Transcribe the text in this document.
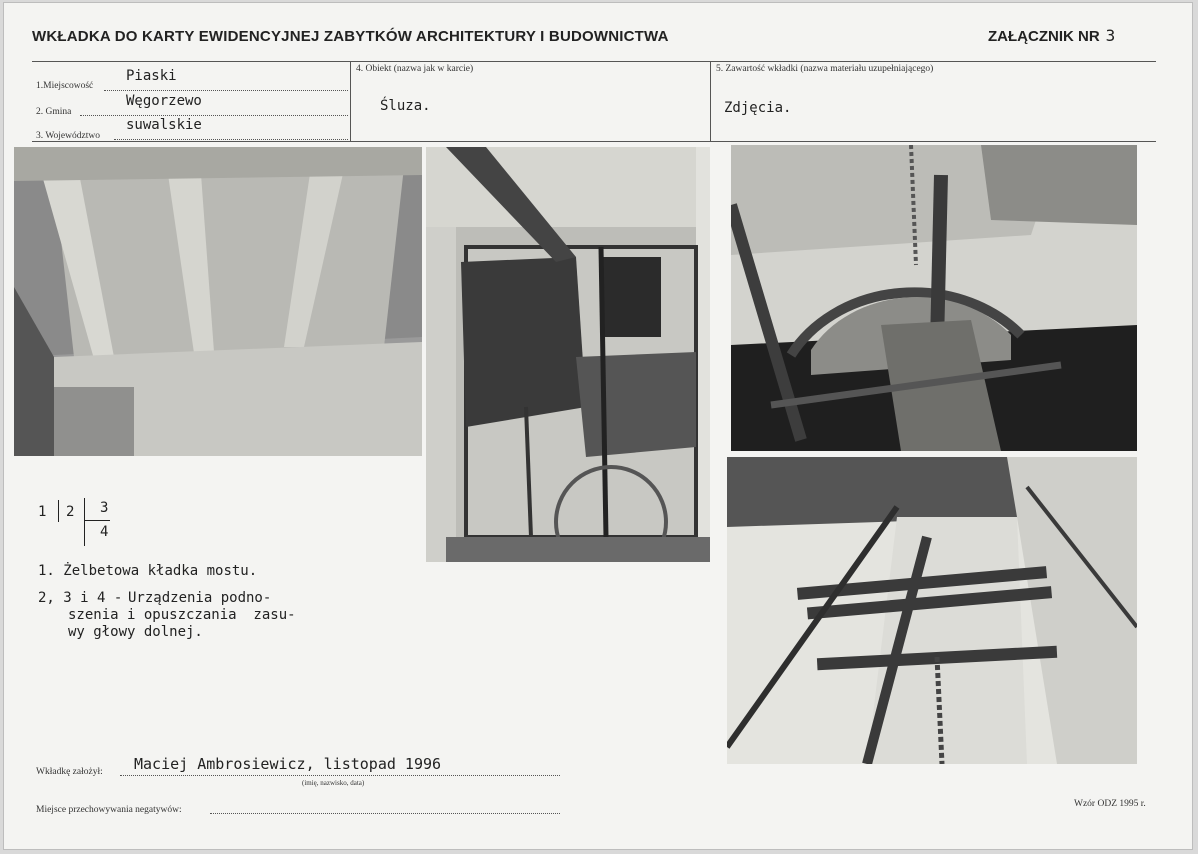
WKŁADKA DO KARTY EWIDENCYJNEJ ZABYTKÓW ARCHITEKTURY I BUDOWNICTWA	ZAŁĄCZNIK NR 3
Piaski
1.Miejscowość
Węgorzewo
2. Gmina
suwalskie
3. Województwo
4. Obiekt (nazwa jak w karcie)
Śluza.
5. Zawartość wkładki (nazwa materiału uzupełniającego)
Zdjęcia.
1 2 3
4
1. Żelbetowa kładka mostu.
2, 3 i 4 - Urządzenia podno-
szenia i opuszczania  zasu-
wy głowy dolnej.
Maciej Ambrosiewicz, listopad 1996
Wkładkę założył:
(imię, nazwisko, data)
Miejsce przechowywania negatywów:
Wzór ODZ 1995 r.
